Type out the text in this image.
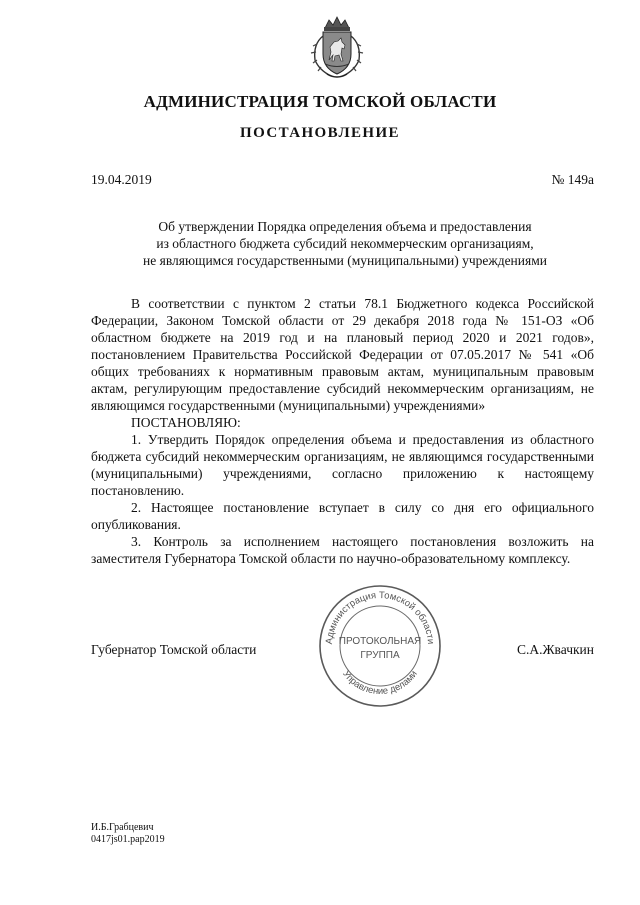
АДМИНИСТРАЦИЯ ТОМСКОЙ ОБЛАСТИ
ПОСТАНОВЛЕНИЕ
19.04.2019	№ 149а
Об утверждении Порядка определения объема и предоставления
из областного бюджета субсидий некоммерческим организациям,
не являющимся государственными (муниципальными) учреждениями

В соответствии с пунктом 2 статьи 78.1 Бюджетного кодекса Российской Федерации, Законом Томской области от 29 декабря 2018 года № 151-ОЗ «Об областном бюджете на 2019 год и на плановый период 2020 и 2021 годов», постановлением Правительства Российской Федерации от 07.05.2017 № 541 «Об общих требованиях к нормативным правовым актам, муниципальным правовым актам, регулирующим предоставление субсидий некоммерческим организациям, не являющимся государственными (муниципальными) учреждениями»

ПОСТАНОВЛЯЮ:

1. Утвердить Порядок определения объема и предоставления из областного бюджета субсидий некоммерческим организациям, не являющимся государственными (муниципальными) учреждениями, согласно приложению к настоящему постановлению.

2. Настоящее постановление вступает в силу со дня его официального опубликования.

3. Контроль за исполнением настоящего постановления возложить на заместителя Губернатора Томской области по научно-образовательному комплексу.

Губернатор Томской области	С.А.Жвачкин
Администрация Томской области
Управление делами
ПРОТОКОЛЬНАЯ
ГРУППА
И.Б.Грабцевич
0417js01.pap2019
